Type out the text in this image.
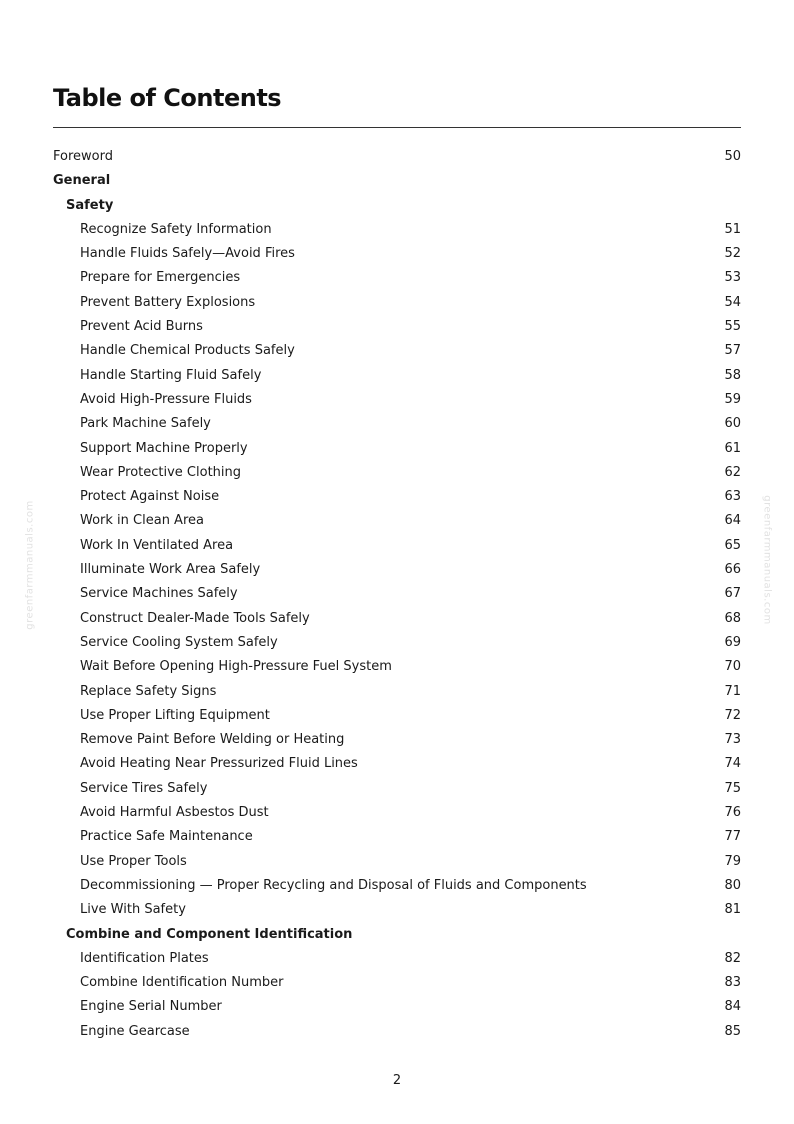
Table of Contents
Foreword	50
General
Safety
Recognize Safety Information	51
Handle Fluids Safely—Avoid Fires	52
Prepare for Emergencies	53
Prevent Battery Explosions	54
Prevent Acid Burns	55
Handle Chemical Products Safely	57
Handle Starting Fluid Safely	58
Avoid High-Pressure Fluids	59
Park Machine Safely	60
Support Machine Properly	61
Wear Protective Clothing	62
Protect Against Noise	63
Work in Clean Area	64
Work In Ventilated Area	65
Illuminate Work Area Safely	66
Service Machines Safely	67
Construct Dealer-Made Tools Safely	68
Service Cooling System Safely	69
Wait Before Opening High-Pressure Fuel System	70
Replace Safety Signs	71
Use Proper Lifting Equipment	72
Remove Paint Before Welding or Heating	73
Avoid Heating Near Pressurized Fluid Lines	74
Service Tires Safely	75
Avoid Harmful Asbestos Dust	76
Practice Safe Maintenance	77
Use Proper Tools	79
Decommissioning — Proper Recycling and Disposal of Fluids and Components	80
Live With Safety	81
Combine and Component Identification
Identification Plates	82
Combine Identification Number	83
Engine Serial Number	84
Engine Gearcase	85
greenfarmmanuals.com	greenfarmmanuals.com
2
